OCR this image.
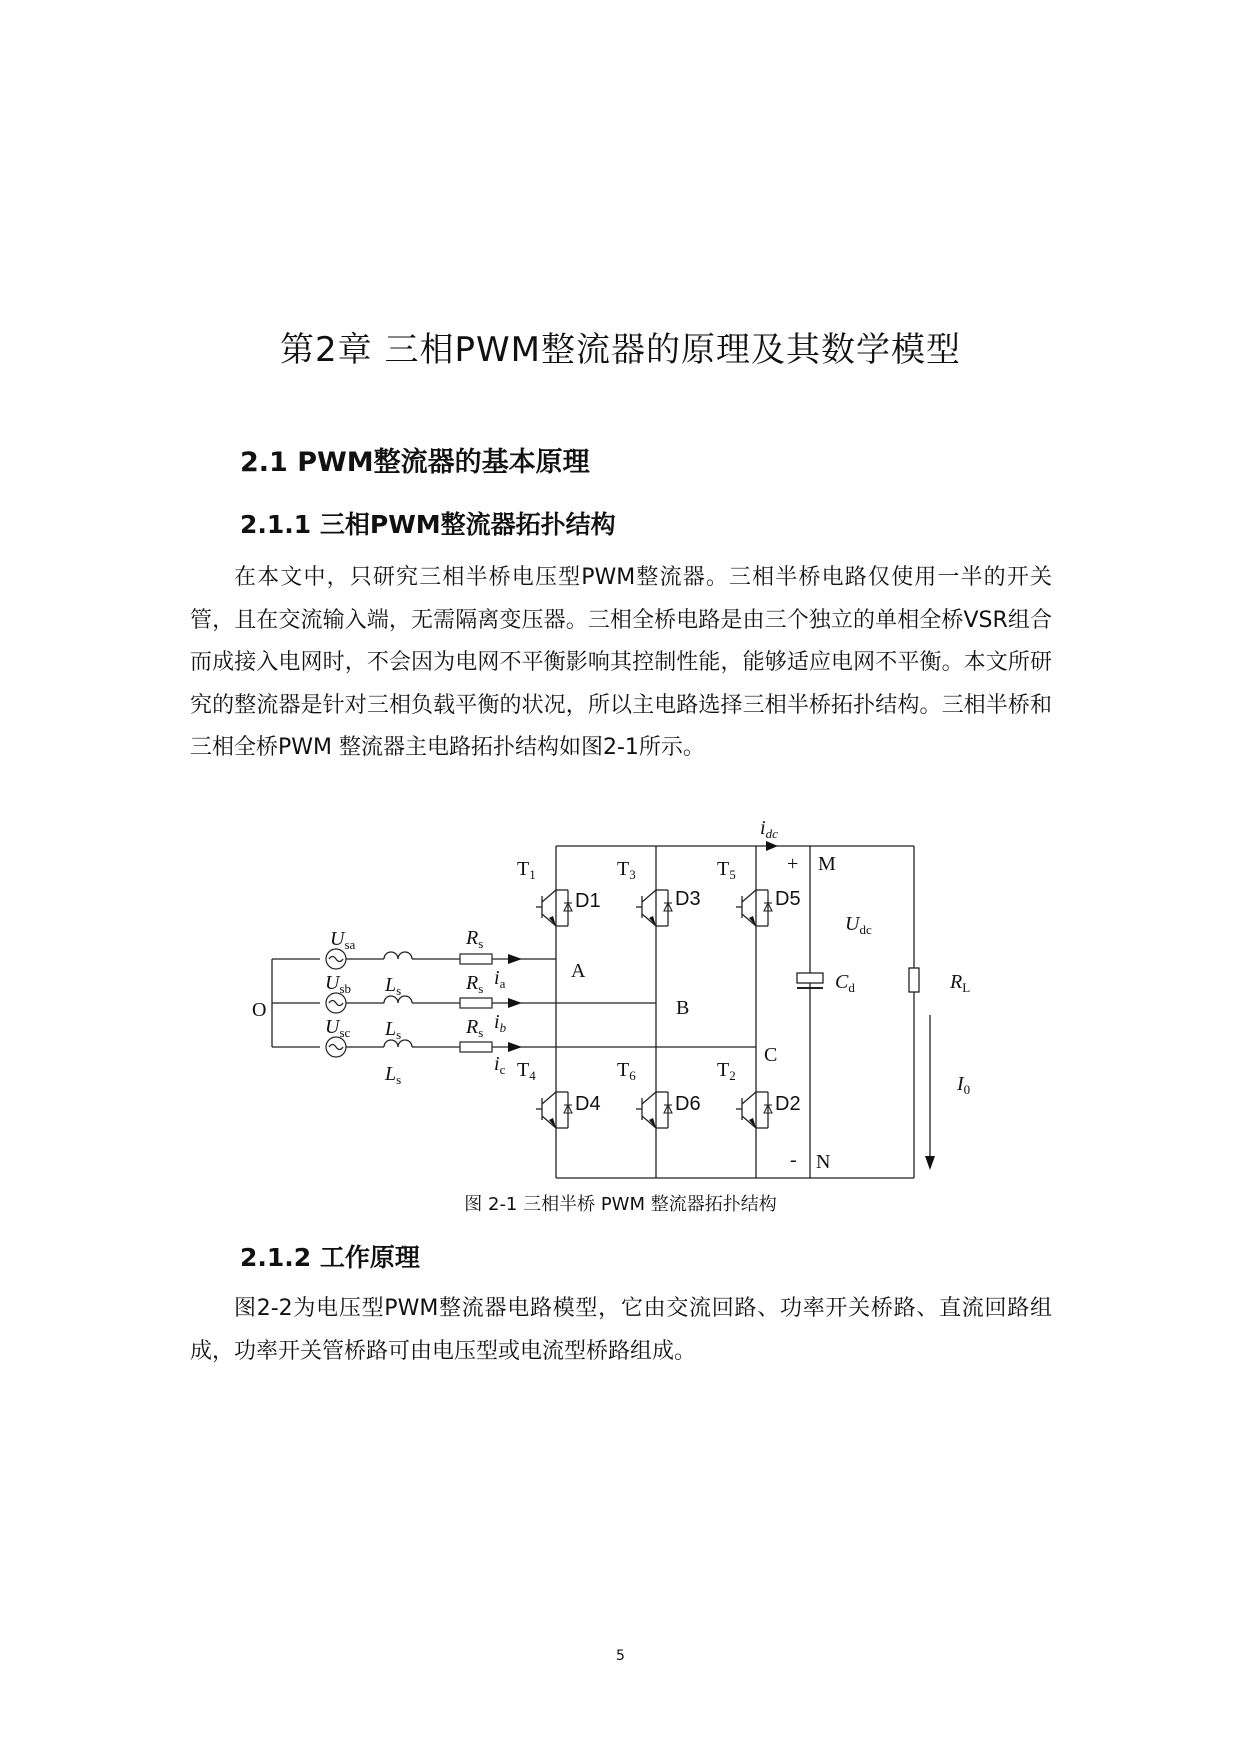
第2章 三相PWM整流器的原理及其数学模型
2.1 PWM整流器的基本原理
2.1.1 三相PWM整流器拓扑结构

在本文中，只研究三相半桥电压型PWM整流器。三相半桥电路仅使用一半的开关管，且在交流输入端，无需隔离变压器。三相全桥电路是由三个独立的单相全桥VSR组合而成接入电网时，不会因为电网不平衡影响其控制性能，能够适应电网不平衡。本文所研究的整流器是针对三相负载平衡的状况，所以主电路选择三相半桥拓扑结构。三相半桥和三相全桥PWM 整流器主电路拓扑结构如图2-1所示。

$i_{dc}$
+ M
- N
$T_1$	$T_3$	$T_5$
$T_4$	$T_6$	$T_2$
D1	D3	D5
D4	D6	D2
$U_{dc}$
$C_d$	$R_L$
$I_0$
A
B
C
O
$U_{sa}$
$U_{sb}$
$U_{sc}$
$L_s$
$L_s$
$L_s$
$R_s$
$R_s$
$R_s$
$i_a$
$i_b$
$i_c$
图 2-1 三相半桥 PWM 整流器拓扑结构
2.1.2 工作原理

图2-2为电压型PWM整流器电路模型，它由交流回路、功率开关桥路、直流回路组成，功率开关管桥路可由电压型或电流型桥路组成。

5
